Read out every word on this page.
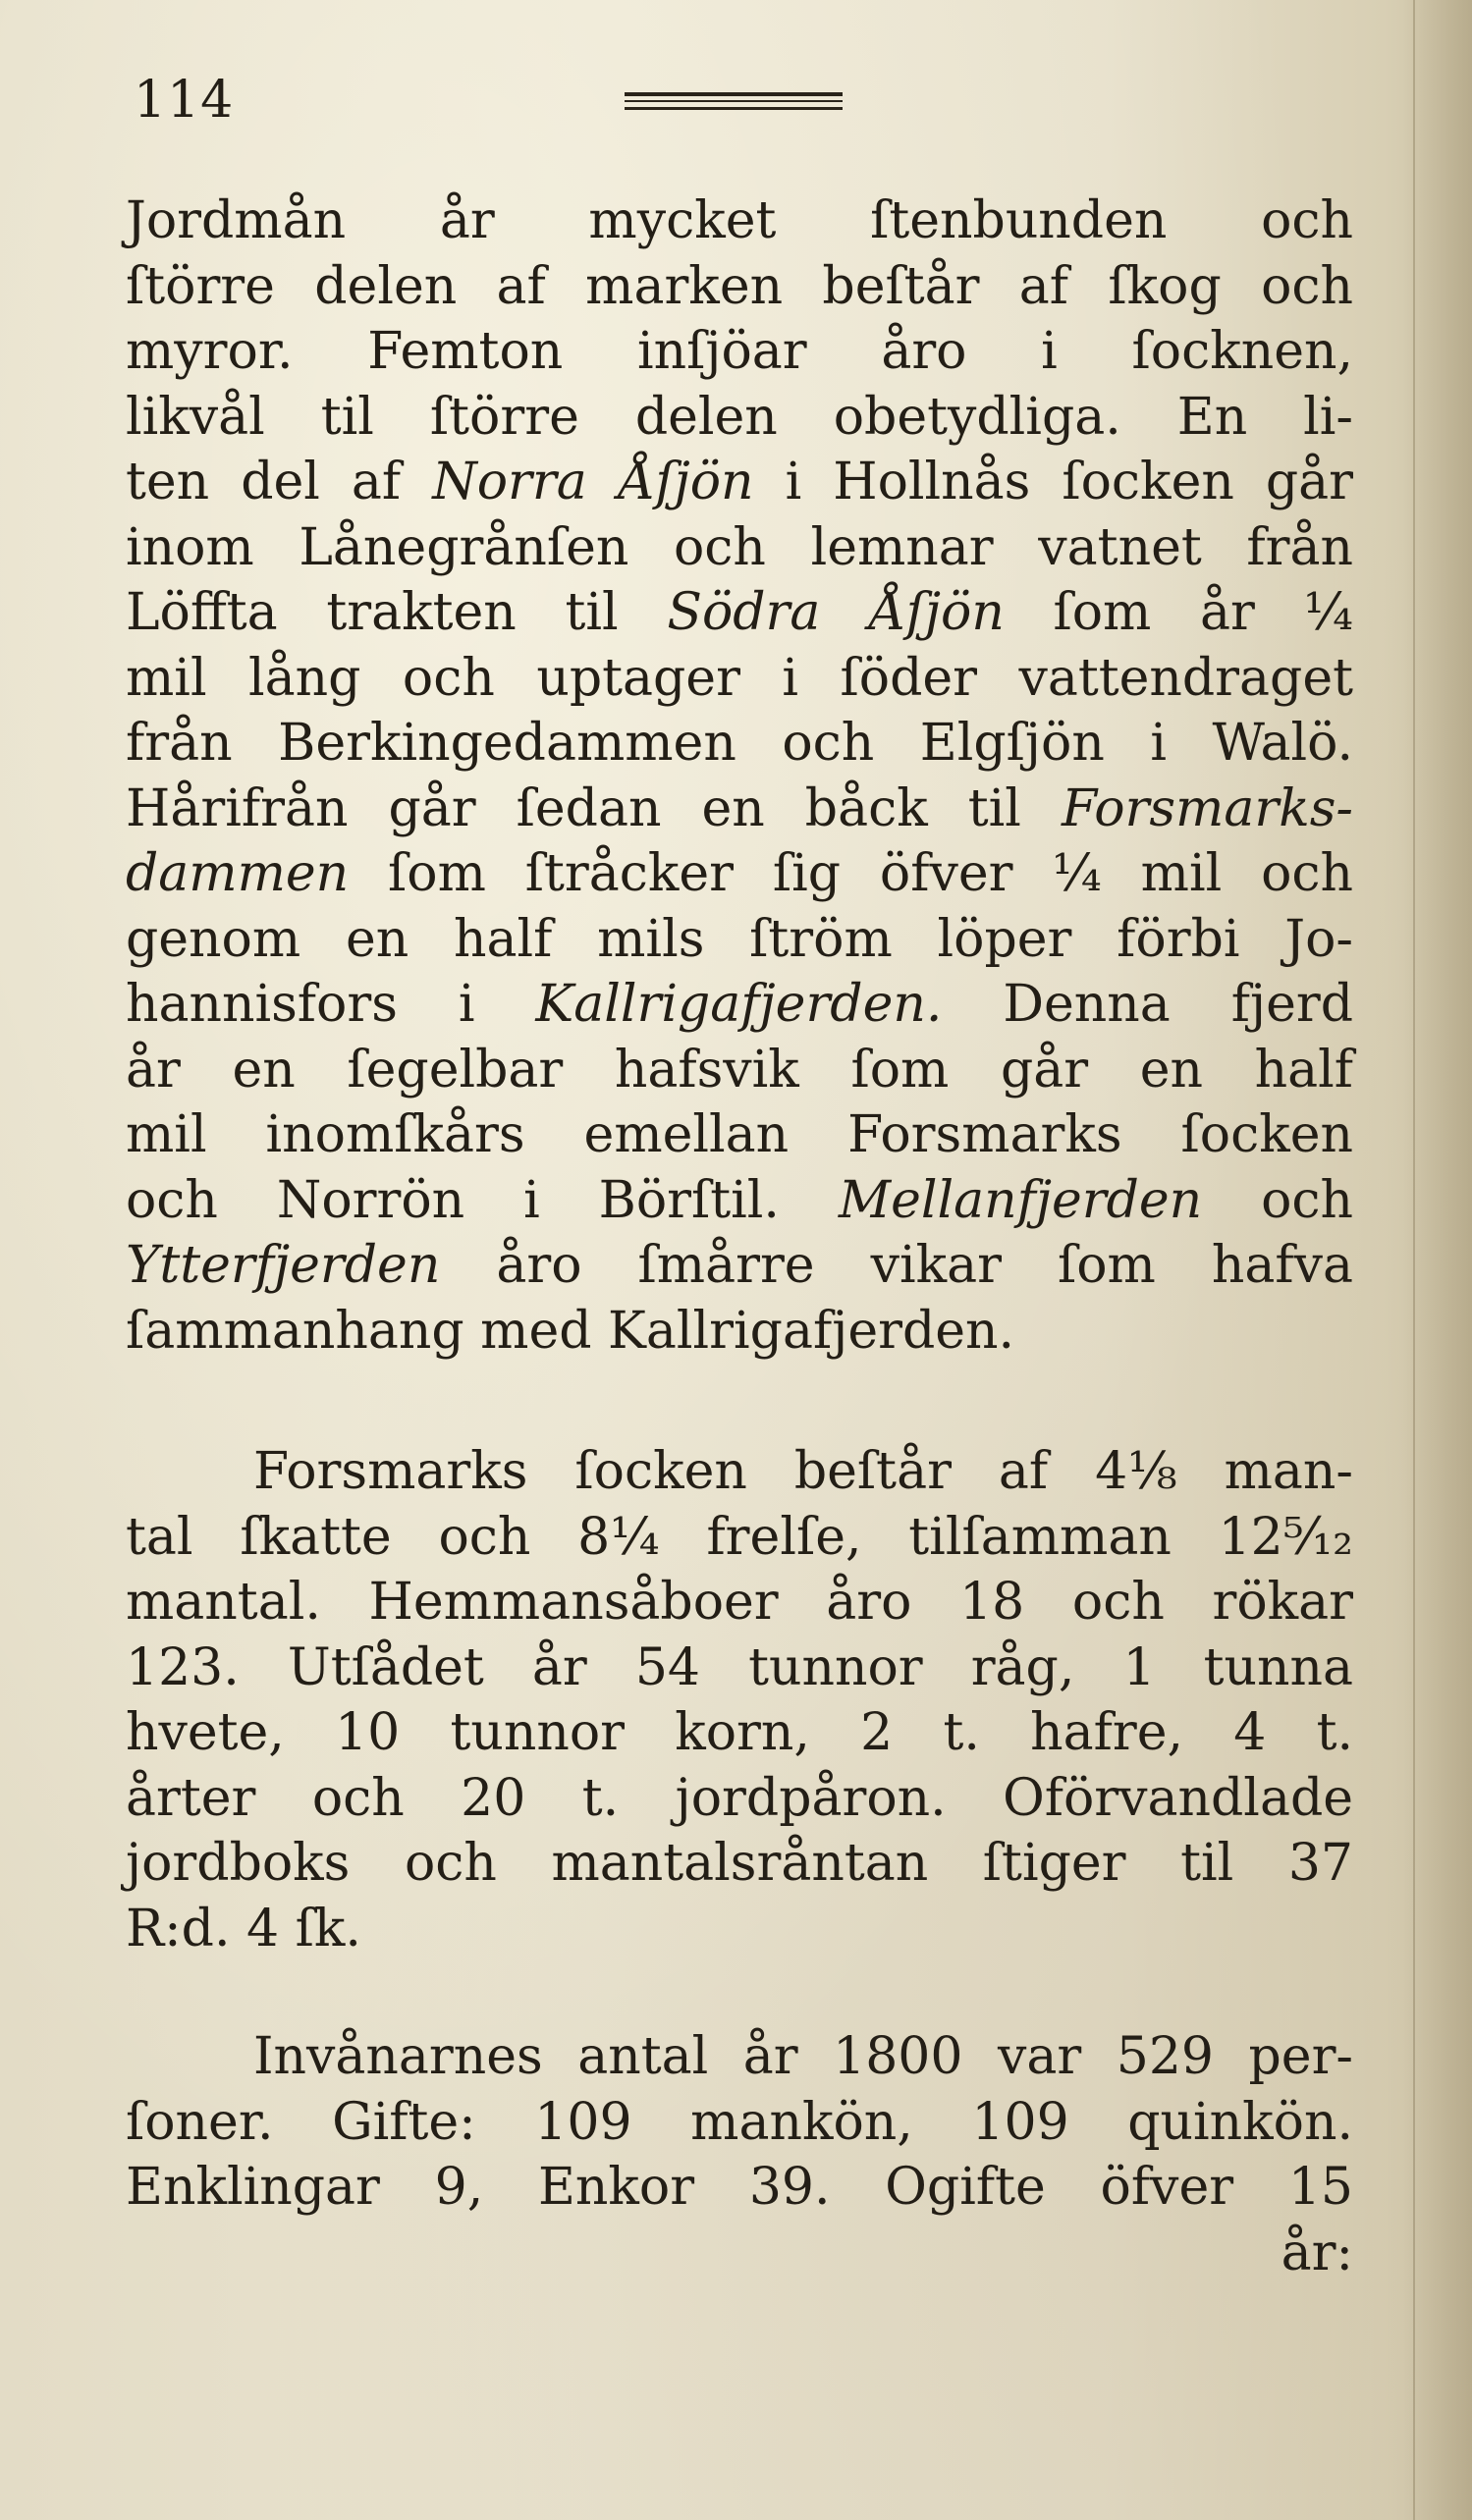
114
Jordmån år mycket ſtenbunden och
ſtörre delen af marken beſtår af ſkog och
myror. Femton inſjöar åro i ſocknen,
likvål til ſtörre delen obetydliga. En li-
ten del af Norra Åſjön i Hollnås ſocken går
inom Lånegrånſen och lemnar vatnet från
Löffta trakten til Södra Åſjön ſom år ¼
mil lång och uptager i ſöder vattendraget
från Berkingedammen och Elgſjön i Walö.
Hårifrån går ſedan en båck til Forsmarks-
dammen ſom ſtråcker ſig öfver ¼ mil och
genom en half mils ſtröm löper förbi Jo-
hannisfors i Kallrigafjerden. Denna fjerd
år en ſegelbar hafsvik ſom går en half
mil inomſkårs emellan Forsmarks ſocken
och Norrön i Börſtil. Mellanfjerden och
Ytterfjerden åro ſmårre vikar ſom hafva
ſammanhang med Kallrigafjerden.
Forsmarks ſocken beſtår af 4⅛ man-
tal ſkatte och 8¼ frelſe, tilſamman 12⁵⁄₁₂
mantal. Hemmansåboer åro 18 och rökar
123. Utſådet år 54 tunnor råg, 1 tunna
hvete, 10 tunnor korn, 2 t. hafre, 4 t.
årter och 20 t. jordpåron. Oförvandlade
jordboks och mantalsråntan ſtiger til 37
R:d. 4 ſk.
Invånarnes antal år 1800 var 529 per-
ſoner. Gifte: 109 mankön, 109 quinkön.
Enklingar 9, Enkor 39. Ogifte öfver 15
år:
